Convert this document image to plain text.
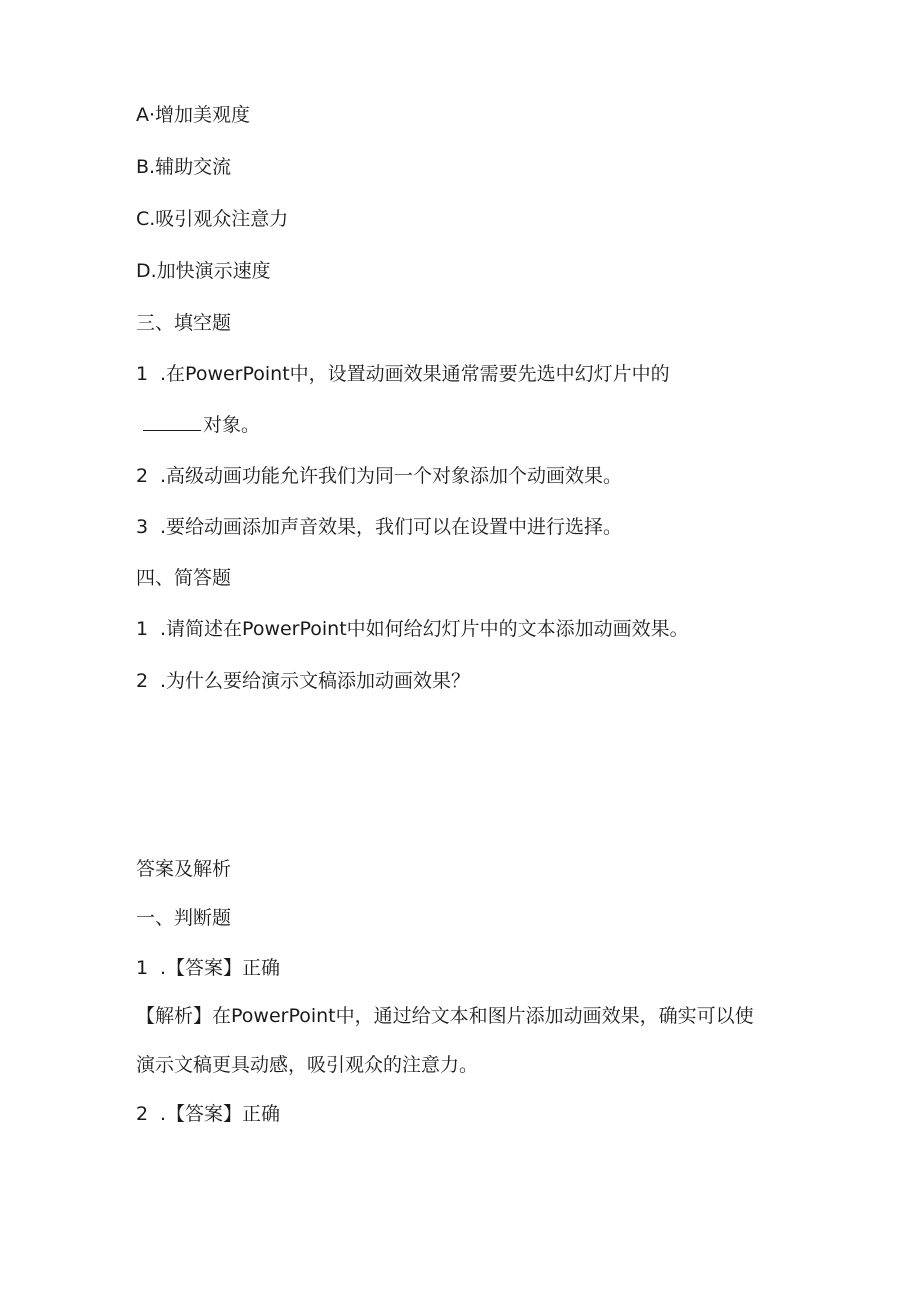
A·增加美观度
B.辅助交流
C.吸引观众注意力
D.加快演示速度
三、填空题
1 .在PowerPoint中，设置动画效果通常需要先选中幻灯片中的
对象。
2 .高级动画功能允许我们为同一个对象添加个动画效果。
3 .要给动画添加声音效果，我们可以在设置中进行选择。
四、简答题
1 .请简述在PowerPoint中如何给幻灯片中的文本添加动画效果。
2 .为什么要给演示文稿添加动画效果？
答案及解析
一、判断题
1 .【答案】正确
【解析】在PowerPoint中，通过给文本和图片添加动画效果，确实可以使
演示文稿更具动感，吸引观众的注意力。
2 .【答案】正确
